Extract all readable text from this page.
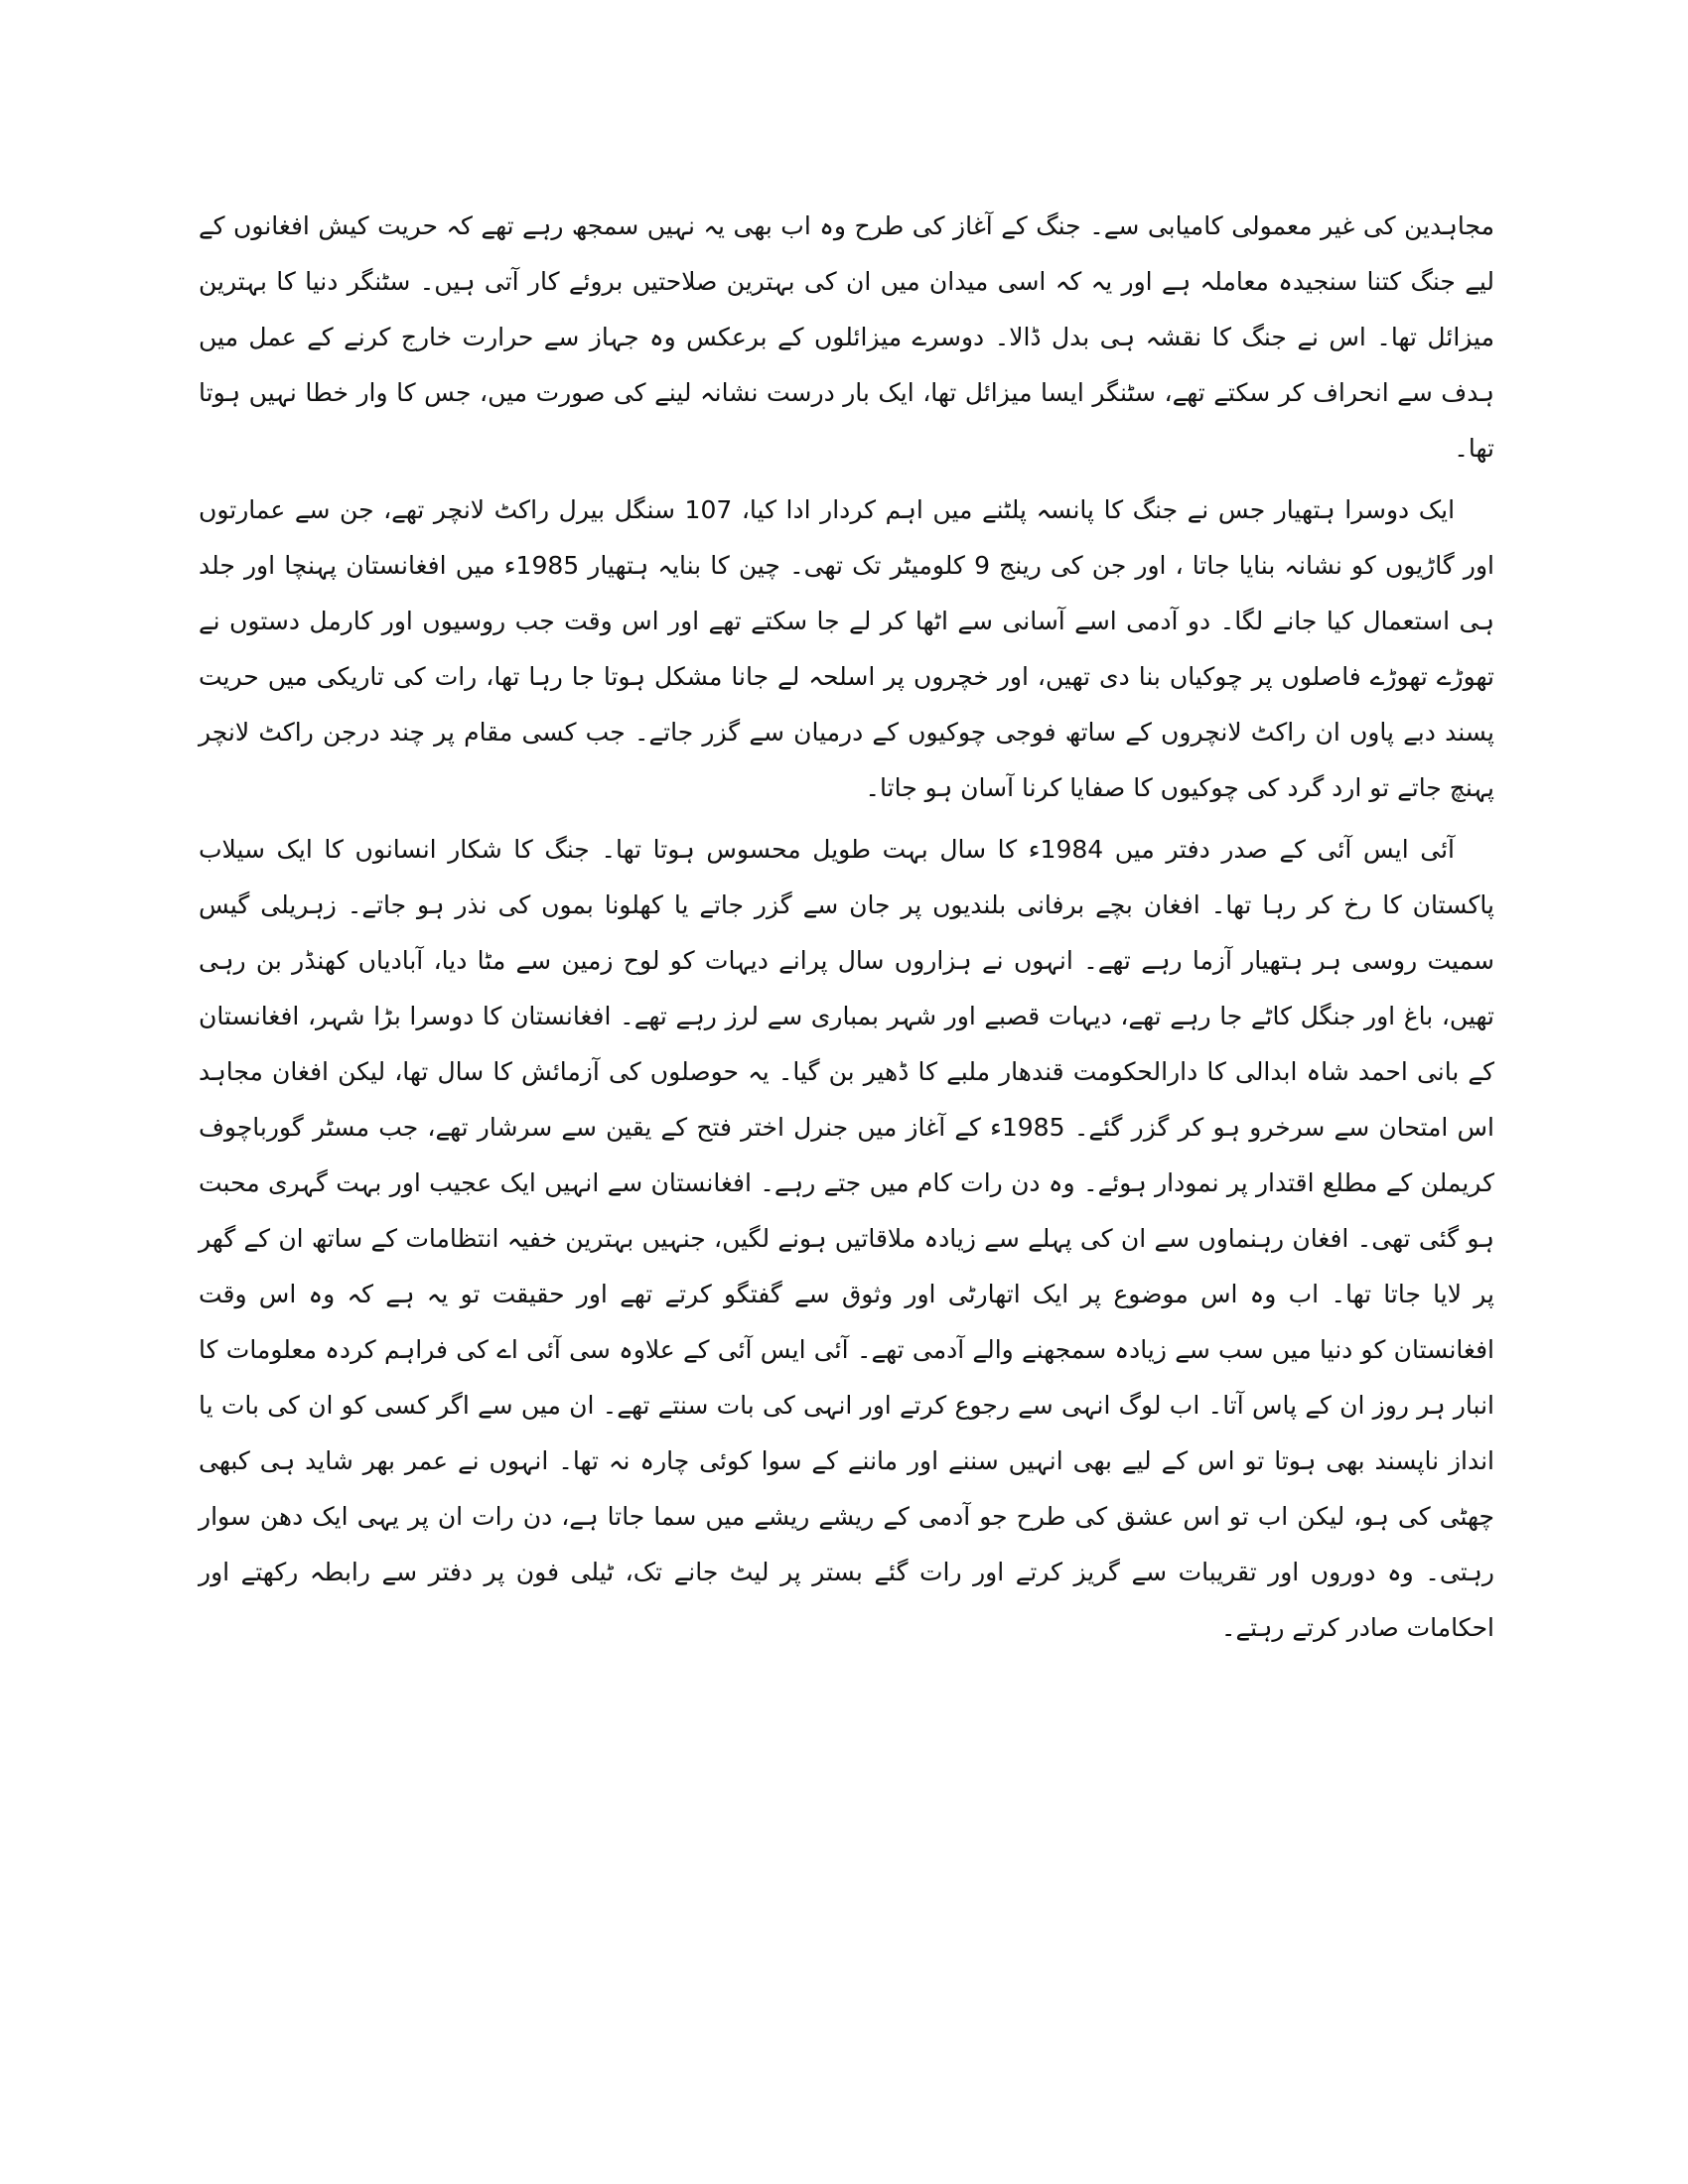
مجاہدین کی غیر معمولی کامیابی سے۔ جنگ کے آغاز کی طرح وہ اب بھی یہ نہیں سمجھ رہے تھے کہ حریت کیش افغانوں کے لیے جنگ کتنا سنجیدہ معاملہ ہے اور یہ کہ اسی میدان میں ان کی بہترین صلاحتیں بروئے کار آتی ہیں۔ سٹنگر دنیا کا بہترین میزائل تھا۔ اس نے جنگ کا نقشہ ہی بدل ڈالا۔ دوسرے میزائلوں کے برعکس وہ جہاز سے حرارت خارج کرنے کے عمل میں ہدف سے انحراف کر سکتے تھے، سٹنگر ایسا میزائل تھا، ایک بار درست نشانہ لینے کی صورت میں، جس کا وار خطا نہیں ہوتا تھا۔

ایک دوسرا ہتھیار جس نے جنگ کا پانسہ پلٹنے میں اہم کردار ادا کیا، 107 سنگل بیرل راکٹ لانچر تھے، جن سے عمارتوں اور گاڑیوں کو نشانہ بنایا جاتا ، اور جن کی رینج 9 کلومیٹر تک تھی۔ چین کا بنایہ ہتھیار 1985ء میں افغانستان پہنچا اور جلد ہی استعمال کیا جانے لگا۔ دو آدمی اسے آسانی سے اٹھا کر لے جا سکتے تھے اور اس وقت جب روسیوں اور کارمل دستوں نے تھوڑے تھوڑے فاصلوں پر چوکیاں بنا دی تھیں، اور خچروں پر اسلحہ لے جانا مشکل ہوتا جا رہا تھا، رات کی تاریکی میں حریت پسند دبے پاوں ان راکٹ لانچروں کے ساتھ فوجی چوکیوں کے درمیان سے گزر جاتے۔ جب کسی مقام پر چند درجن راکٹ لانچر پہنچ جاتے تو ارد گرد کی چوکیوں کا صفایا کرنا آسان ہو جاتا۔

آئی ایس آئی کے صدر دفتر میں 1984ء کا سال بہت طویل محسوس ہوتا تھا۔ جنگ کا شکار انسانوں کا ایک سیلاب پاکستان کا رخ کر رہا تھا۔ افغان بچے برفانی بلندیوں پر جان سے گزر جاتے یا کھلونا بموں کی نذر ہو جاتے۔ زہریلی گیس سمیت روسی ہر ہتھیار آزما رہے تھے۔ انہوں نے ہزاروں سال پرانے دیہات کو لوح زمین سے مٹا دیا، آبادیاں کھنڈر بن رہی تھیں، باغ اور جنگل کاٹے جا رہے تھے، دیہات قصبے اور شہر بمباری سے لرز رہے تھے۔ افغانستان کا دوسرا بڑا شہر، افغانستان کے بانی احمد شاہ ابدالی کا دارالحکومت قندھار ملبے کا ڈھیر بن گیا۔ یہ حوصلوں کی آزمائش کا سال تھا، لیکن افغان مجاہد اس امتحان سے سرخرو ہو کر گزر گئے۔ 1985ء کے آغاز میں جنرل اختر فتح کے یقین سے سرشار تھے، جب مسٹر گورباچوف کریملن کے مطلع اقتدار پر نمودار ہوئے۔ وہ دن رات کام میں جتے رہے۔ افغانستان سے انہیں ایک عجیب اور بہت گہری محبت ہو گئی تھی۔ افغان رہنماوں سے ان کی پہلے سے زیادہ ملاقاتیں ہونے لگیں، جنہیں بہترین خفیہ انتظامات کے ساتھ ان کے گھر پر لایا جاتا تھا۔ اب وہ اس موضوع پر ایک اتھارٹی اور وثوق سے گفتگو کرتے تھے اور حقیقت تو یہ ہے کہ وہ اس وقت افغانستان کو دنیا میں سب سے زیادہ سمجھنے والے آدمی تھے۔ آئی ایس آئی کے علاوہ سی آئی اے کی فراہم کردہ معلومات کا انبار ہر روز ان کے پاس آتا۔ اب لوگ انہی سے رجوع کرتے اور انہی کی بات سنتے تھے۔ ان میں سے اگر کسی کو ان کی بات یا انداز ناپسند بھی ہوتا تو اس کے لیے بھی انہیں سننے اور ماننے کے سوا کوئی چارہ نہ تھا۔ انہوں نے عمر بھر شاید ہی کبھی چھٹی کی ہو، لیکن اب تو اس عشق کی طرح جو آدمی کے ریشے ریشے میں سما جاتا ہے، دن رات ان پر یہی ایک دھن سوار رہتی۔ وہ دوروں اور تقریبات سے گریز کرتے اور رات گئے بستر پر لیٹ جانے تک، ٹیلی فون پر دفتر سے رابطہ رکھتے اور احکامات صادر کرتے رہتے۔
